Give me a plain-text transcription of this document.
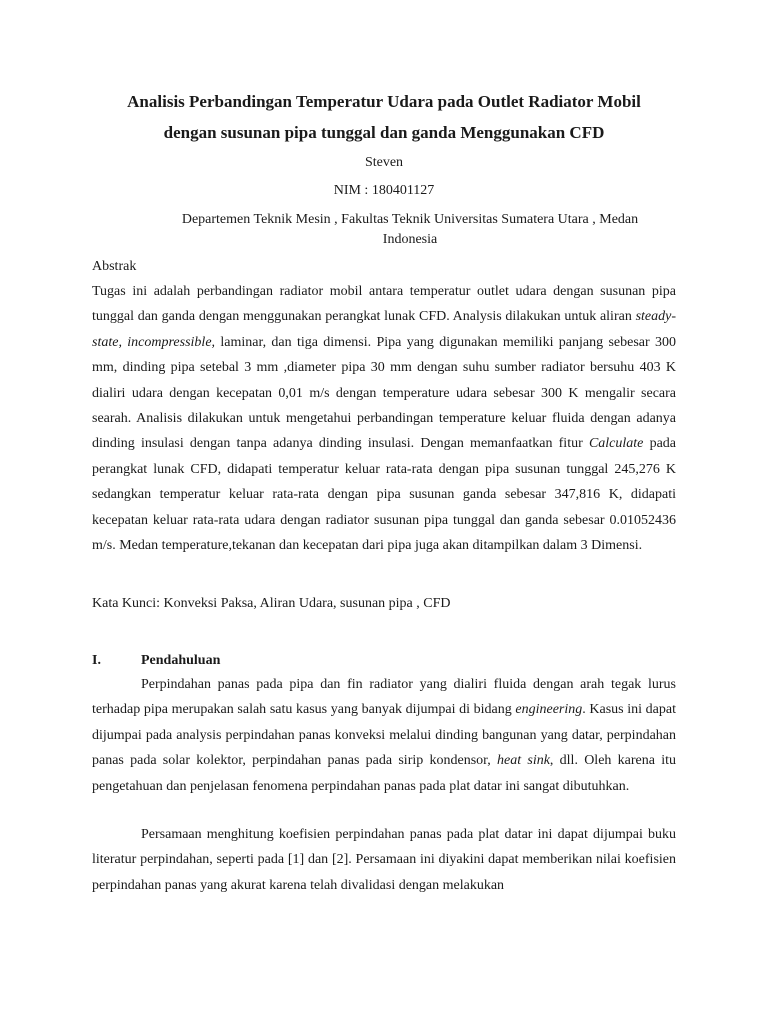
Analisis Perbandingan Temperatur Udara pada Outlet Radiator Mobil
dengan susunan pipa tunggal dan ganda Menggunakan CFD
Steven
NIM : 180401127
Departemen Teknik Mesin , Fakultas Teknik Universitas Sumatera Utara , Medan
Indonesia
Abstrak

Tugas ini adalah perbandingan radiator mobil antara temperatur outlet udara dengan susunan pipa tunggal dan ganda dengan menggunakan perangkat lunak CFD. Analysis dilakukan untuk aliran steady-state, incompressible, laminar, dan tiga dimensi. Pipa yang digunakan memiliki panjang sebesar 300 mm, dinding pipa setebal 3 mm ,diameter pipa 30 mm dengan suhu sumber radiator bersuhu 403 K dialiri udara dengan kecepatan 0,01 m/s dengan temperature udara sebesar 300 K mengalir secara searah. Analisis dilakukan untuk mengetahui perbandingan temperature keluar fluida dengan adanya dinding insulasi dengan tanpa adanya dinding insulasi. Dengan memanfaatkan fitur Calculate pada perangkat lunak CFD, didapati temperatur keluar rata-rata dengan pipa susunan tunggal 245,276 K sedangkan temperatur keluar rata-rata dengan pipa susunan ganda sebesar 347,816 K, didapati kecepatan keluar rata-rata udara dengan radiator susunan pipa tunggal dan ganda sebesar 0.01052436 m/s. Medan temperature,tekanan dan kecepatan dari pipa juga akan ditampilkan dalam 3 Dimensi.

Kata Kunci: Konveksi Paksa, Aliran Udara, susunan pipa , CFD
I.	Pendahuluan

Perpindahan panas pada pipa dan fin radiator yang dialiri fluida dengan arah tegak lurus terhadap pipa merupakan salah satu kasus yang banyak dijumpai di bidang engineering. Kasus ini dapat dijumpai pada analysis perpindahan panas konveksi melalui dinding bangunan yang datar, perpindahan panas pada solar kolektor, perpindahan panas pada sirip kondensor, heat sink, dll. Oleh karena itu pengetahuan dan penjelasan fenomena perpindahan panas pada plat datar ini sangat dibutuhkan.

Persamaan menghitung koefisien perpindahan panas pada plat datar ini dapat dijumpai buku literatur perpindahan, seperti pada [1] dan [2]. Persamaan ini diyakini dapat memberikan nilai koefisien perpindahan panas yang akurat karena telah divalidasi dengan melakukan
